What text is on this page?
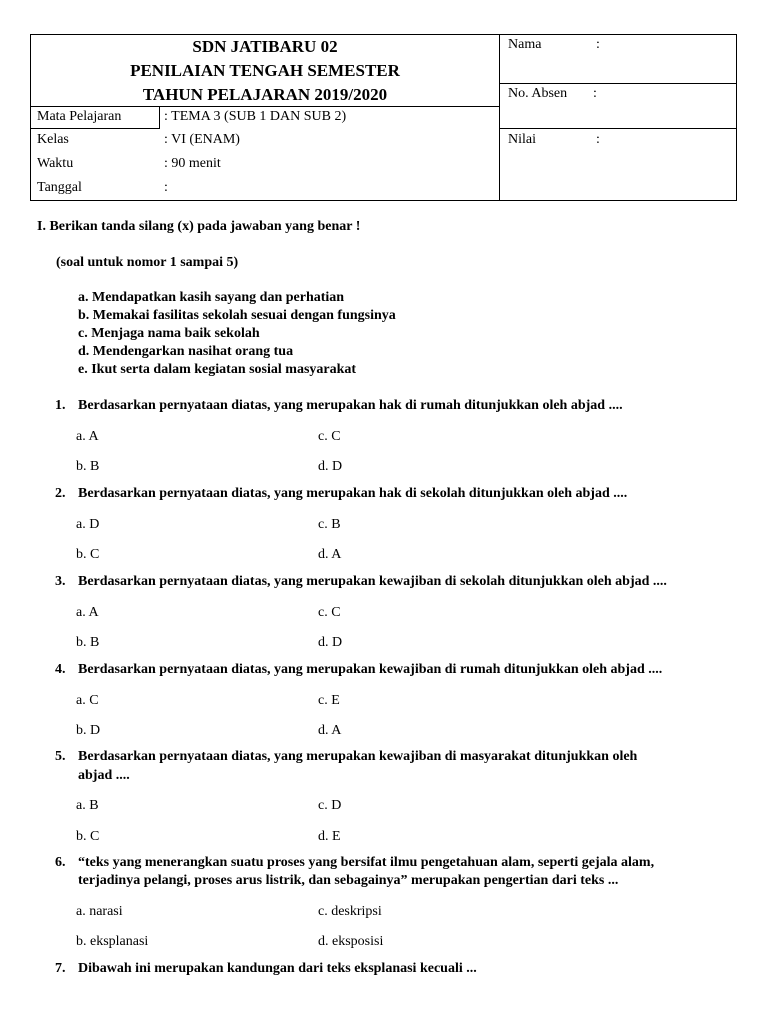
SDN JATIBARU 02
PENILAIAN TENGAH SEMESTER
TAHUN PELAJARAN 2019/2020
Mata Pelajaran	: TEMA 3 (SUB 1 DAN SUB 2)
Kelas	: VI (ENAM)
Waktu	: 90 menit
Tanggal	:
Nama	:
No. Absen :
Nilai	:
I. Berikan tanda silang (x) pada jawaban yang benar !
(soal untuk nomor 1 sampai 5)
a. Mendapatkan kasih sayang dan perhatian
b. Memakai fasilitas sekolah sesuai dengan fungsinya
c. Menjaga nama baik sekolah
d. Mendengarkan nasihat orang tua
e. Ikut serta dalam kegiatan sosial masyarakat
1. Berdasarkan pernyataan diatas, yang merupakan hak di rumah ditunjukkan oleh abjad ....
a. A
b. B
c. C
d. D
2. Berdasarkan pernyataan diatas, yang merupakan hak di sekolah ditunjukkan oleh abjad ....
a. D
b. C
c. B
d. A
3. Berdasarkan pernyataan diatas, yang merupakan kewajiban di sekolah ditunjukkan oleh abjad ....
a. A
b. B
c. C
d. D
4. Berdasarkan pernyataan diatas, yang merupakan kewajiban di rumah ditunjukkan oleh abjad ....
a. C
b. D
c. E
d. A
5. Berdasarkan pernyataan diatas, yang merupakan kewajiban di masyarakat ditunjukkan oleh
abjad ....
a. B
b. C
c. D
d. E
6. “teks yang menerangkan suatu proses yang bersifat ilmu pengetahuan alam, seperti gejala alam,
terjadinya pelangi, proses arus listrik, dan sebagainya” merupakan pengertian dari teks ...
a. narasi
b. eksplanasi
c. deskripsi
d. eksposisi
7. Dibawah ini merupakan kandungan dari teks eksplanasi kecuali ...
